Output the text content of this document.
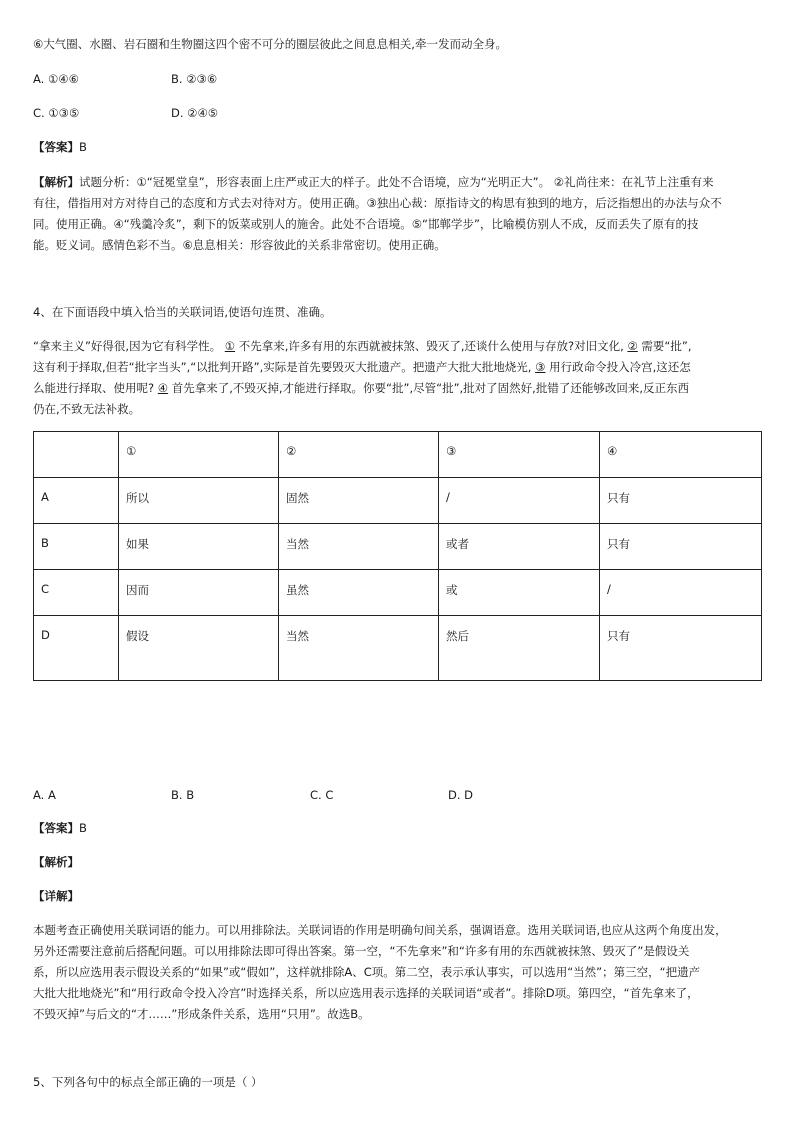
⑥大气圈、水圈、岩石圈和生物圈这四个密不可分的圈层彼此之间息息相关,牵一发而动全身。
A. ①④⑥	B. ②③⑥
C. ①③⑤	D. ②④⑤
【答案】B
【解析】试题分析：①“冠冕堂皇”，形容表面上庄严或正大的样子。此处不合语境，应为“光明正大”。 ②礼尚往来：在礼节上注重有来
有往，借指用对方对待自己的态度和方式去对待对方。使用正确。③独出心裁：原指诗文的构思有独到的地方，后泛指想出的办法与众不
同。使用正确。④“残羹冷炙”，剩下的饭菜或别人的施舍。此处不合语境。⑤“邯郸学步”，比喻模仿别人不成，反而丢失了原有的技
能。贬义词。感情色彩不当。⑥息息相关：形容彼此的关系非常密切。使用正确。
4、在下面语段中填入恰当的关联词语,使语句连贯、准确。
“拿来主义”好得很,因为它有科学性。 ① 不先拿来,许多有用的东西就被抹煞、毁灭了,还谈什么使用与存放?对旧文化, ② 需要“批”,
这有利于择取,但若“批字当头”,“以批判开路”,实际是首先要毁灭大批遗产。把遗产大批大批地烧光, ③ 用行政命令投入冷宫,这还怎
么能进行择取、使用呢? ④ 首先拿来了,不毁灭掉,才能进行择取。你要“批”,尽管“批”,批对了固然好,批错了还能够改回来,反正东西
仍在,不致无法补救。
	①	②	③	④
A	所以	固然	/	只有
B	如果	当然	或者	只有
C	因而	虽然	或	/
D	假设	当然	然后	只有
A. A	B. B	C. C	D. D
【答案】B
【解析】
【详解】
本题考查正确使用关联词语的能力。可以用排除法。关联词语的作用是明确句间关系，强调语意。选用关联词语,也应从这两个角度出发，
另外还需要注意前后搭配问题。可以用排除法即可得出答案。第一空，“不先拿来”和“许多有用的东西就被抹煞、毁灭了”是假设关
系，所以应选用表示假设关系的“如果”或“假如”，这样就排除A、C项。第二空，表示承认事实，可以选用“当然”；第三空，“把遗产
大批大批地烧光”和“用行政命令投入冷宫”时选择关系，所以应选用表示选择的关联词语“或者”。排除D项。第四空，“首先拿来了，
不毁灭掉”与后文的“才……”形成条件关系，选用“只用”。故选B。
5、下列各句中的标点全部正确的一项是（ ）
